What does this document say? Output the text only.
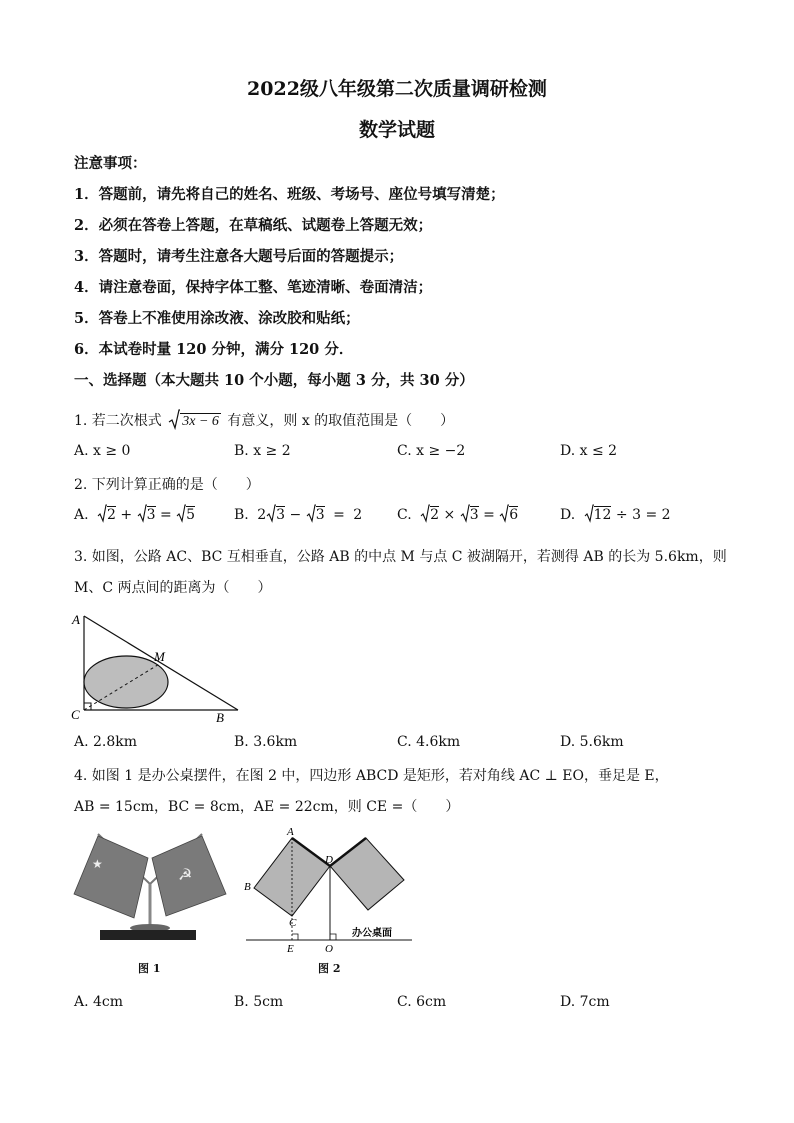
2022级八年级第二次质量调研检测
数学试题
注意事项：
1．答题前，请先将自己的姓名、班级、考场号、座位号填写清楚；
2．必须在答卷上答题，在草稿纸、试题卷上答题无效；
3．答题时，请考生注意各大题号后面的答题提示；
4．请注意卷面，保持字体工整、笔迹清晰、卷面清洁；
5．答卷上不准使用涂改液、涂改胶和贴纸；
6．本试卷时量 120 分钟，满分 120 分．
一、选择题（本大题共 10 个小题，每小题 3 分，共 30 分）
1. 若二次根式 3x − 6 有意义，则 x 的取值范围是（　　）
A. x ≥ 0	B. x ≥ 2	C. x ≥ −2	D. x ≤ 2
2. 下列计算正确的是（　　）
A. 2 + 3 = 5	B. 2 3 − 3 = 2 C. 2 × 3 = 6	D. 12 ÷ 3 = 2
3. 如图，公路 AC、BC 互相垂直，公路 AB 的中点 M 与点 C 被湖隔开，若测得 AB 的长为 5.6km，则
M、C 两点间的距离为（　　）
A
M
C	B
A. 2.8km	B. 3.6km	C. 4.6km	D. 5.6km
4. 如图 1 是办公桌摆件，在图 2 中，四边形 ABCD 是矩形，若对角线 AC ⊥ EO，垂足是 E，
AB = 15cm，BC = 8cm，AE = 22cm，则 CE =（　　）
★
☭
图 1
A
B
C
D
E	O
办公桌面
图 2
A. 4cm	B. 5cm	C. 6cm	D. 7cm
